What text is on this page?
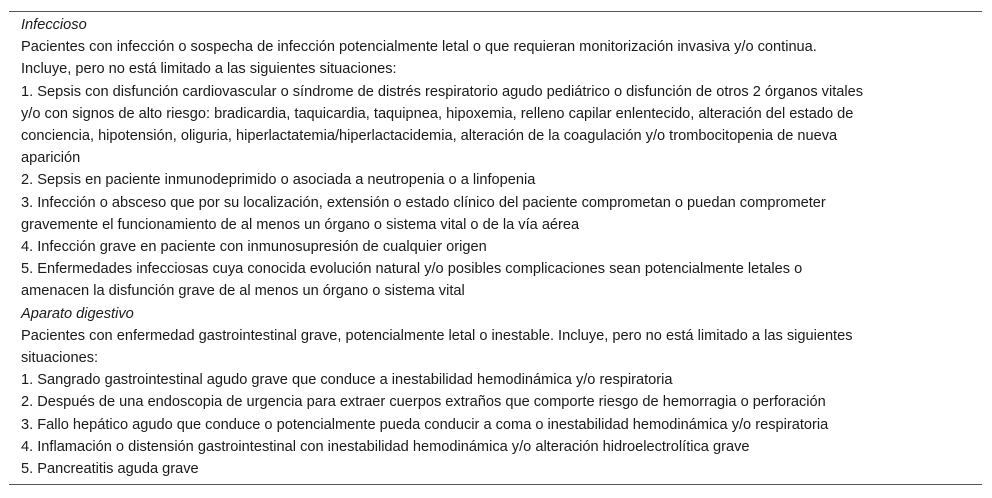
Infeccioso

Pacientes con infección o sospecha de infección potencialmente letal o que requieran monitorización invasiva y/o continua.

Incluye, pero no está limitado a las siguientes situaciones:

1. Sepsis con disfunción cardiovascular o síndrome de distrés respiratorio agudo pediátrico o disfunción de otros 2 órganos vitales

y/o con signos de alto riesgo: bradicardia, taquicardia, taquipnea, hipoxemia, relleno capilar enlentecido, alteración del estado de

conciencia, hipotensión, oliguria, hiperlactatemia/hiperlactacidemia, alteración de la coagulación y/o trombocitopenia de nueva

aparición

2. Sepsis en paciente inmunodeprimido o asociada a neutropenia o a linfopenia

3. Infección o absceso que por su localización, extensión o estado clínico del paciente comprometan o puedan comprometer

gravemente el funcionamiento de al menos un órgano o sistema vital o de la vía aérea

4. Infección grave en paciente con inmunosupresión de cualquier origen

5. Enfermedades infecciosas cuya conocida evolución natural y/o posibles complicaciones sean potencialmente letales o

amenacen la disfunción grave de al menos un órgano o sistema vital

Aparato digestivo

Pacientes con enfermedad gastrointestinal grave, potencialmente letal o inestable. Incluye, pero no está limitado a las siguientes

situaciones:

1. Sangrado gastrointestinal agudo grave que conduce a inestabilidad hemodinámica y/o respiratoria

2. Después de una endoscopia de urgencia para extraer cuerpos extraños que comporte riesgo de hemorragia o perforación

3. Fallo hepático agudo que conduce o potencialmente pueda conducir a coma o inestabilidad hemodinámica y/o respiratoria

4. Inflamación o distensión gastrointestinal con inestabilidad hemodinámica y/o alteración hidroelectrolítica grave

5. Pancreatitis aguda grave
